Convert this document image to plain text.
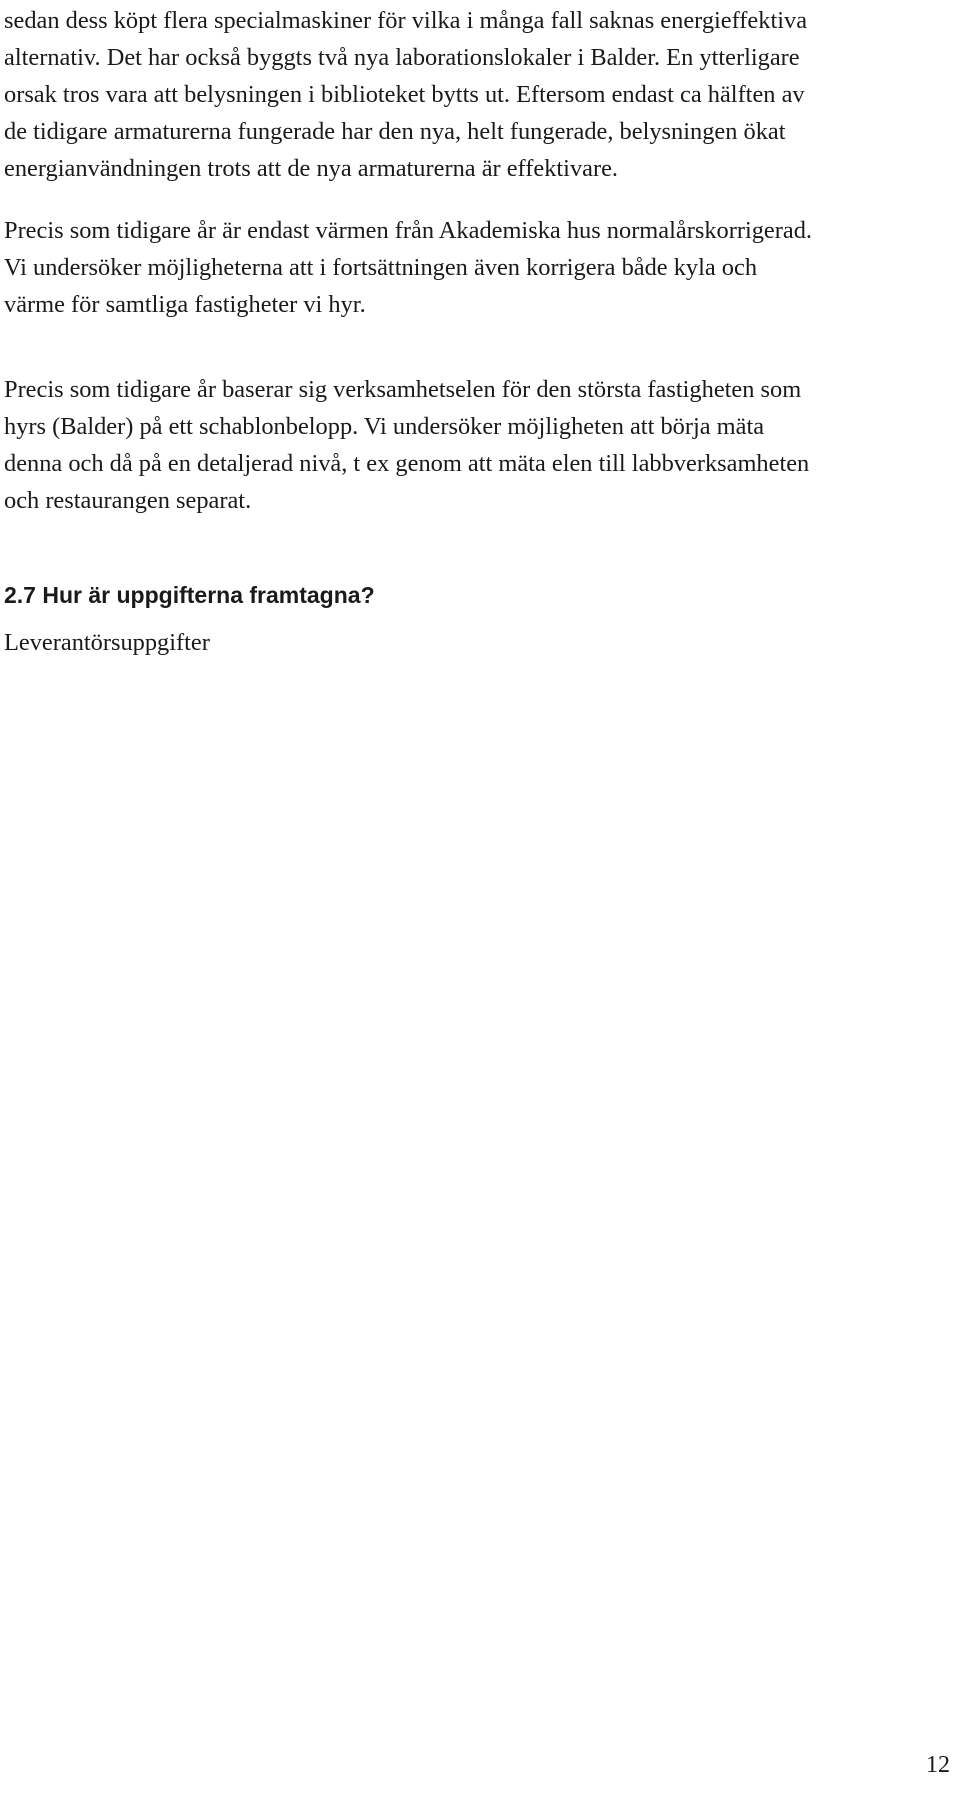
sedan dess köpt flera specialmaskiner för vilka i många fall saknas energieffektiva
alternativ. Det har också byggts två nya laborationslokaler i Balder. En ytterligare
orsak tros vara att belysningen i biblioteket bytts ut. Eftersom endast ca hälften av
de tidigare armaturerna fungerade har den nya, helt fungerade, belysningen ökat
energianvändningen trots att de nya armaturerna är effektivare.

Precis som tidigare år är endast värmen från Akademiska hus normalårskorrigerad.
Vi undersöker möjligheterna att i fortsättningen även korrigera både kyla och
värme för samtliga fastigheter vi hyr.

Precis som tidigare år baserar sig verksamhetselen för den största fastigheten som
hyrs (Balder) på ett schablonbelopp. Vi undersöker möjligheten att börja mäta
denna och då på en detaljerad nivå, t ex genom att mäta elen till labbverksamheten
och restaurangen separat.

2.7 Hur är uppgifterna framtagna?

Leverantörsuppgifter

12
